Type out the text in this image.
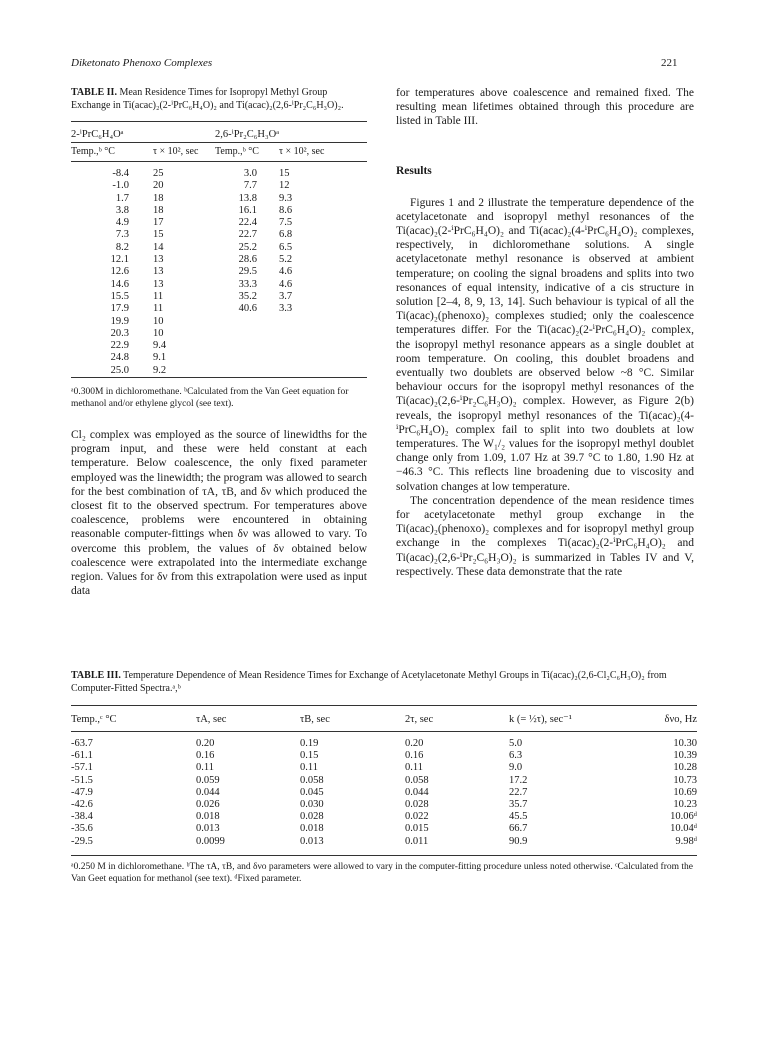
Diketonato Phenoxo Complexes	221

TABLE II. Mean Residence Times for Isopropyl Methyl Group Exchange in Ti(acac)₂(2-ⁱPrC₆H₄O)₂ and Ti(acac)₂(2,6-ⁱPr₂C₆H₃O)₂.

2-ⁱPrC₆H₄Oᵃ		2,6-ⁱPr₂C₆H₃Oᵃ	
Temp.,ᵇ °C	τ × 10², sec	Temp.,ᵇ °C	τ × 10², sec
-8.4	25	3.0	15
-1.0	20	7.7	12
1.7	18	13.8	9.3
3.8	18	16.1	8.6
4.9	17	22.4	7.5
7.3	15	22.7	6.8
8.2	14	25.2	6.5
12.1	13	28.6	5.2
12.6	13	29.5	4.6
14.6	13	33.3	4.6
15.5	11	35.2	3.7
17.9	11	40.6	3.3
19.9	10		
20.3	10		
22.9	9.4		
24.8	9.1		
25.0	9.2		

ᵃ0.300M in dichloromethane. ᵇCalculated from the Van Geet equation for methanol and/or ethylene glycol (see text).

Cl₂ complex was employed as the source of linewidths for the program input, and these were held constant at each temperature. Below coalescence, the only fixed parameter employed was the linewidth; the program was allowed to search for the best combination of τA, τB, and δν which produced the closest fit to the observed spectrum. For temperatures above coalescence, problems were encountered in obtaining reasonable computer-fittings when δν was allowed to vary. To overcome this problem, the values of δν obtained below coalescence were extrapolated into the intermediate exchange region. Values for δν from this extrapolation were used as input data

for temperatures above coalescence and remained fixed. The resulting mean lifetimes obtained through this procedure are listed in Table III.

Results

Figures 1 and 2 illustrate the temperature dependence of the acetylacetonate and isopropyl methyl resonances of the Ti(acac)₂(2-ⁱPrC₆H₄O)₂ and Ti(acac)₂(4-ⁱPrC₆H₄O)₂ complexes, respectively, in dichloromethane solutions. A single acetylacetonate methyl resonance is observed at ambient temperature; on cooling the signal broadens and splits into two resonances of equal intensity, indicative of a cis structure in solution [2–4, 8, 9, 13, 14]. Such behaviour is typical of all the Ti(acac)₂(phenoxo)₂ complexes studied; only the coalescence temperatures differ. For the Ti(acac)₂(2-ⁱPrC₆H₄O)₂ complex, the isopropyl methyl resonance appears as a single doublet at room temperature. On cooling, this doublet broadens and eventually two doublets are observed below ~8 °C. Similar behaviour occurs for the isopropyl methyl resonances of the Ti(acac)₂(2,6-ⁱPr₂C₆H₃O)₂ complex. However, as Figure 2(b) reveals, the isopropyl methyl resonances of the Ti(acac)₂(4-ⁱPrC₆H₄O)₂ complex fail to split into two doublets at low temperatures. The W₁/₂ values for the isopropyl methyl doublet change only from 1.09, 1.07 Hz at 39.7 °C to 1.80, 1.90 Hz at −46.3 °C. This reflects line broadening due to viscosity and solvation changes at low temperature.

The concentration dependence of the mean residence times for acetylacetonate methyl group exchange in the Ti(acac)₂(phenoxo)₂ complexes and for isopropyl methyl group exchange in the complexes Ti(acac)₂(2-ⁱPrC₆H₄O)₂ and Ti(acac)₂(2,6-ⁱPr₂C₆H₃O)₂ is summarized in Tables IV and V, respectively. These data demonstrate that the rate

TABLE III. Temperature Dependence of Mean Residence Times for Exchange of Acetylacetonate Methyl Groups in Ti(acac)₂(2,6-Cl₂C₆H₃O)₂ from Computer-Fitted Spectra.ᵃ,ᵇ

Temp.,ᶜ °C	τA, sec	τB, sec	2τ, sec	k (= ½τ), sec⁻¹	δνo, Hz
-63.7	0.20	0.19	0.20	5.0	10.30
-61.1	0.16	0.15	0.16	6.3	10.39
-57.1	0.11	0.11	0.11	9.0	10.28
-51.5	0.059	0.058	0.058	17.2	10.73
-47.9	0.044	0.045	0.044	22.7	10.69
-42.6	0.026	0.030	0.028	35.7	10.23
-38.4	0.018	0.028	0.022	45.5	10.06ᵈ
-35.6	0.013	0.018	0.015	66.7	10.04ᵈ
-29.5	0.0099	0.013	0.011	90.9	9.98ᵈ

ᵃ0.250 M in dichloromethane. ᵇThe τA, τB, and δνo parameters were allowed to vary in the computer-fitting procedure unless noted otherwise. ᶜCalculated from the Van Geet equation for methanol (see text). ᵈFixed parameter.
